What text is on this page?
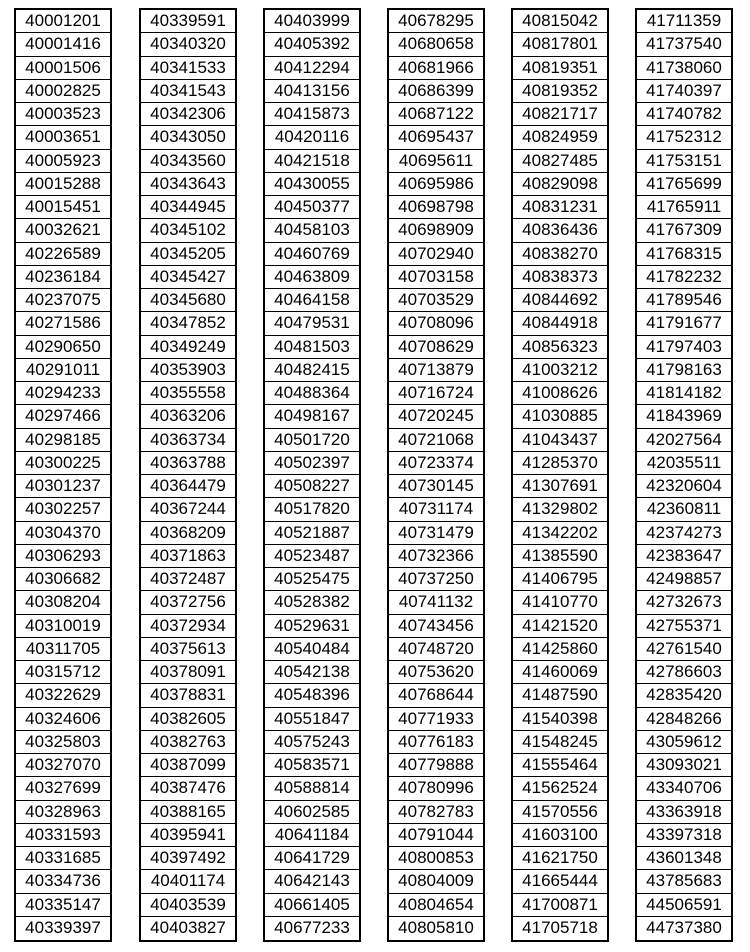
40001201
40001416
40001506
40002825
40003523
40003651
40005923
40015288
40015451
40032621
40226589
40236184
40237075
40271586
40290650
40291011
40294233
40297466
40298185
40300225
40301237
40302257
40304370
40306293
40306682
40308204
40310019
40311705
40315712
40322629
40324606
40325803
40327070
40327699
40328963
40331593
40331685
40334736
40335147
40339397
40339591
40340320
40341533
40341543
40342306
40343050
40343560
40343643
40344945
40345102
40345205
40345427
40345680
40347852
40349249
40353903
40355558
40363206
40363734
40363788
40364479
40367244
40368209
40371863
40372487
40372756
40372934
40375613
40378091
40378831
40382605
40382763
40387099
40387476
40388165
40395941
40397492
40401174
40403539
40403827
40403999
40405392
40412294
40413156
40415873
40420116
40421518
40430055
40450377
40458103
40460769
40463809
40464158
40479531
40481503
40482415
40488364
40498167
40501720
40502397
40508227
40517820
40521887
40523487
40525475
40528382
40529631
40540484
40542138
40548396
40551847
40575243
40583571
40588814
40602585
40641184
40641729
40642143
40661405
40677233
40678295
40680658
40681966
40686399
40687122
40695437
40695611
40695986
40698798
40698909
40702940
40703158
40703529
40708096
40708629
40713879
40716724
40720245
40721068
40723374
40730145
40731174
40731479
40732366
40737250
40741132
40743456
40748720
40753620
40768644
40771933
40776183
40779888
40780996
40782783
40791044
40800853
40804009
40804654
40805810
40815042
40817801
40819351
40819352
40821717
40824959
40827485
40829098
40831231
40836436
40838270
40838373
40844692
40844918
40856323
41003212
41008626
41030885
41043437
41285370
41307691
41329802
41342202
41385590
41406795
41410770
41421520
41425860
41460069
41487590
41540398
41548245
41555464
41562524
41570556
41603100
41621750
41665444
41700871
41705718
41711359
41737540
41738060
41740397
41740782
41752312
41753151
41765699
41765911
41767309
41768315
41782232
41789546
41791677
41797403
41798163
41814182
41843969
42027564
42035511
42320604
42360811
42374273
42383647
42498857
42732673
42755371
42761540
42786603
42835420
42848266
43059612
43093021
43340706
43363918
43397318
43601348
43785683
44506591
44737380
